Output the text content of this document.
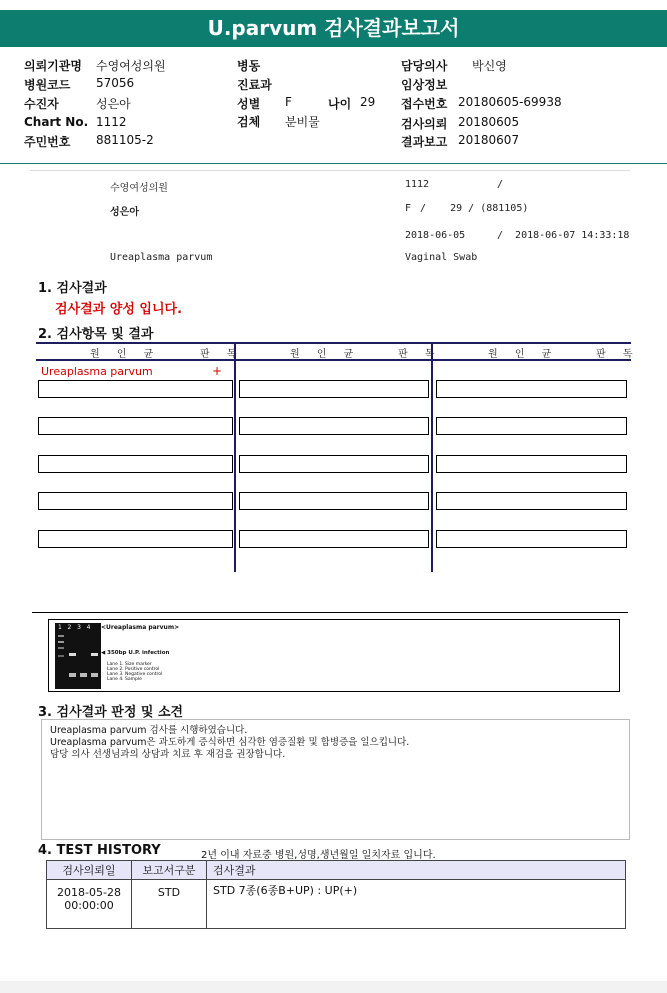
U.parvum 검사결과보고서
의뢰기관명 수영여성의원	병동	담당의사 박신영
병원코드 57056	진료과	임상정보
수진자	성은아	성별 F	나이 29 접수번호 20180605-69938
Chart No. 1112	검체 분비물	검사의뢰 20180605
주민번호 881105-2	결과보고 20180607
수영여성의원	1112	/
성은아	F /    29 / (881105)
2018-06-05	/  2018-06-07 14:33:18
Ureaplasma parvum	Vaginal Swab
1. 검사결과
검사결과 양성 입니다.
2. 검사항목 및 결과
원 인 균	판 독	원 인 균	판 독	원 인 균	판 독
Ureaplasma parvum	+
1   2   3   4 <Ureaplasma parvum>
◀ 350bp U.P. infection
Lane 1. Size marker
Lane 2. Positive control
Lane 3. Negative control
Lane 4. Sample
3. 검사결과 판정 및 소견
Ureaplasma parvum 검사를 시행하였습니다.
Ureaplasma parvum은 과도하게 증식하면 심각한 염증질환 및 합병증을 일으킵니다.
담당 의사 선생님과의 상담과 치료 후 재검을 권장합니다.
4. TEST HISTORY	2년 이내 자료중 병원,성명,생년월일 일치자료 입니다.
검사의뢰일	보고서구분	검사결과

2018-05-28
00:00:00	STD	STD 7종(6종B+UP) : UP(+)
